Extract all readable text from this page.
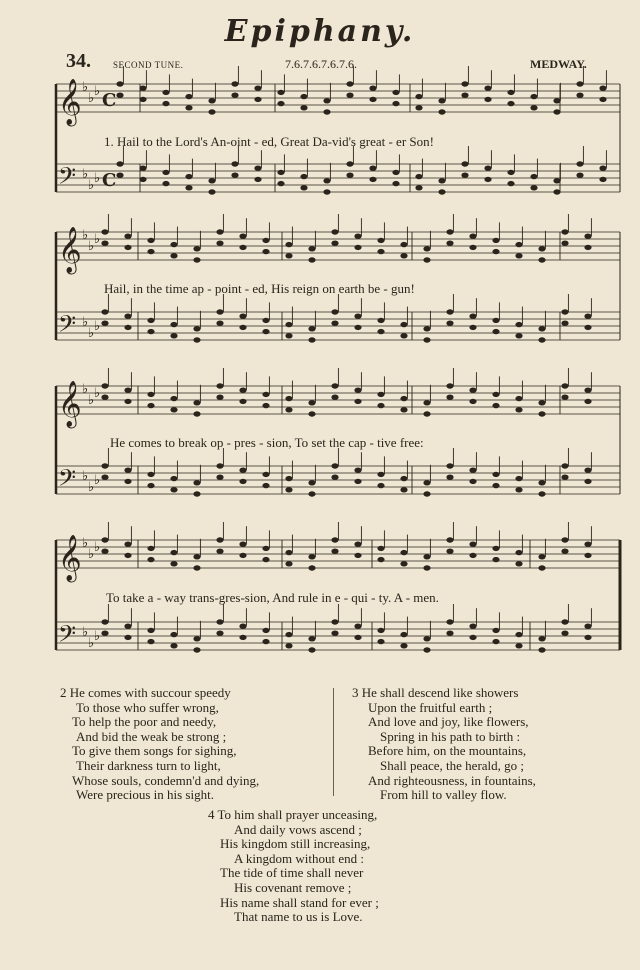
Epiphany.
34. SECOND TUNE.	7.6.7.6.7.6.7.6.	MEDWAY.
𝄞 ♭
♭ ♭
𝄢 ♭
♭ ♭
C
C
𝄞 ♭
♭ ♭
𝄢 ♭
♭ ♭
𝄞 ♭
♭ ♭
𝄢 ♭
♭ ♭
𝄞 ♭
♭ ♭
𝄢 ♭
♭ ♭
1. Hail to the Lord's An-oint - ed, Great Da-vid's great - er Son!
Hail, in the time ap - point - ed, His reign on earth be - gun!
He comes to break op - pres - sion, To set the cap - tive free:
To take a - way trans-gres-sion, And rule in e - qui - ty. A - men.
2 He comes with succour speedy
To those who suffer wrong,
To help the poor and needy,
And bid the weak be strong ;
To give them songs for sighing,
Their darkness turn to light,
Whose souls, condemn'd and dying,
Were precious in his sight.
3 He shall descend like showers
Upon the fruitful earth ;
And love and joy, like flowers,
Spring in his path to birth :
Before him, on the mountains,
Shall peace, the herald, go ;
And righteousness, in fountains,
From hill to valley flow.
4 To him shall prayer unceasing,
And daily vows ascend ;
His kingdom still increasing,
A kingdom without end :
The tide of time shall never
His covenant remove ;
His name shall stand for ever ;
That name to us is Love.
